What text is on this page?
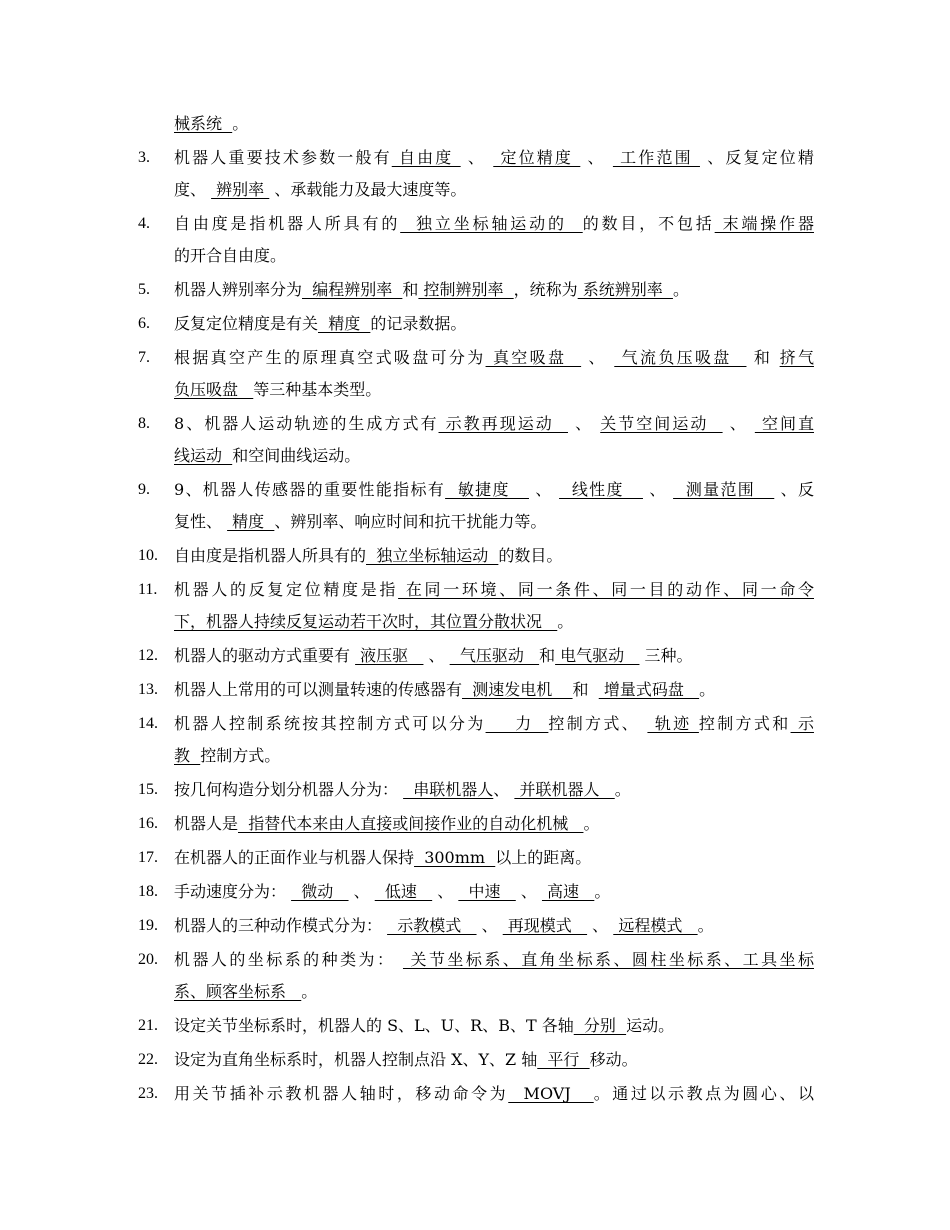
械系统  。
3.	机器人重要技术参数一般有 自由度  、  定位精度  、  工作范围  、反复定位精
度、  辨别率  、承载能力及最大速度等。
4.	自由度是指机器人所具有的  独立坐标轴运动的  的数目，不包括 末端操作器
的开合自由度。
5.	机器人辨别率分为  编程辨别率  和 控制辨别率  ，统称为 系统辨别率  。
6.	反复定位精度是有关  精度  的记录数据。
7.	根据真空产生的原理真空式吸盘可分为 真空吸盘   、  气流负压吸盘   和 挤气
负压吸盘   等三种基本类型。
8.	8、机器人运动轨迹的生成方式有 示教再现运动   、 关节空间运动   、  空间直
线运动  和空间曲线运动。
9.	9、机器人传感器的重要性能指标有  敏捷度    、   线性度    、   测量范围    、反
复性、  精度  、辨别率、响应时间和抗干扰能力等。
10.	自由度是指机器人所具有的  独立坐标轴运动  的数目。
11.	机器人的反复定位精度是指 在同一环境、同一条件、同一目的动作、同一命令
下，机器人持续反复运动若干次时，其位置分散状况   。
12.	机器人的驱动方式重要有  液压驱    、   气压驱动   和 电气驱动    三种。
13.	机器人上常用的可以测量转速的传感器有  测速发电机    和   增量式码盘   。
14.	机器人控制系统按其控制方式可以分为    力  控制方式、  轨迹 控制方式和 示
教  控制方式。
15.	按几何构造分划分机器人分为：   串联机器人、  并联机器人   。
16.	机器人是  指替代本来由人直接或间接作业的自动化机械   。
17.	在机器人的正面作业与机器人保持  300mm  以上的距离。
18.	手动速度分为：   微动    、   低速    、   中速    、  高速   。
19.	机器人的三种动作模式分为：   示教模式    、  再现模式    、  远程模式   。
20.	机器人的坐标系的种类为：  关节坐标系、直角坐标系、圆柱坐标系、工具坐标
系、顾客坐标系   。
21.	设定关节坐标系时，机器人的 S、L、U、R、B、T 各轴  分别  运动。
22.	设定为直角坐标系时，机器人控制点沿 X、Y、Z 轴  平行  移动。
23.	用关节插补示教机器人轴时，移动命令为  MOVJ   。通过以示教点为圆心、以
